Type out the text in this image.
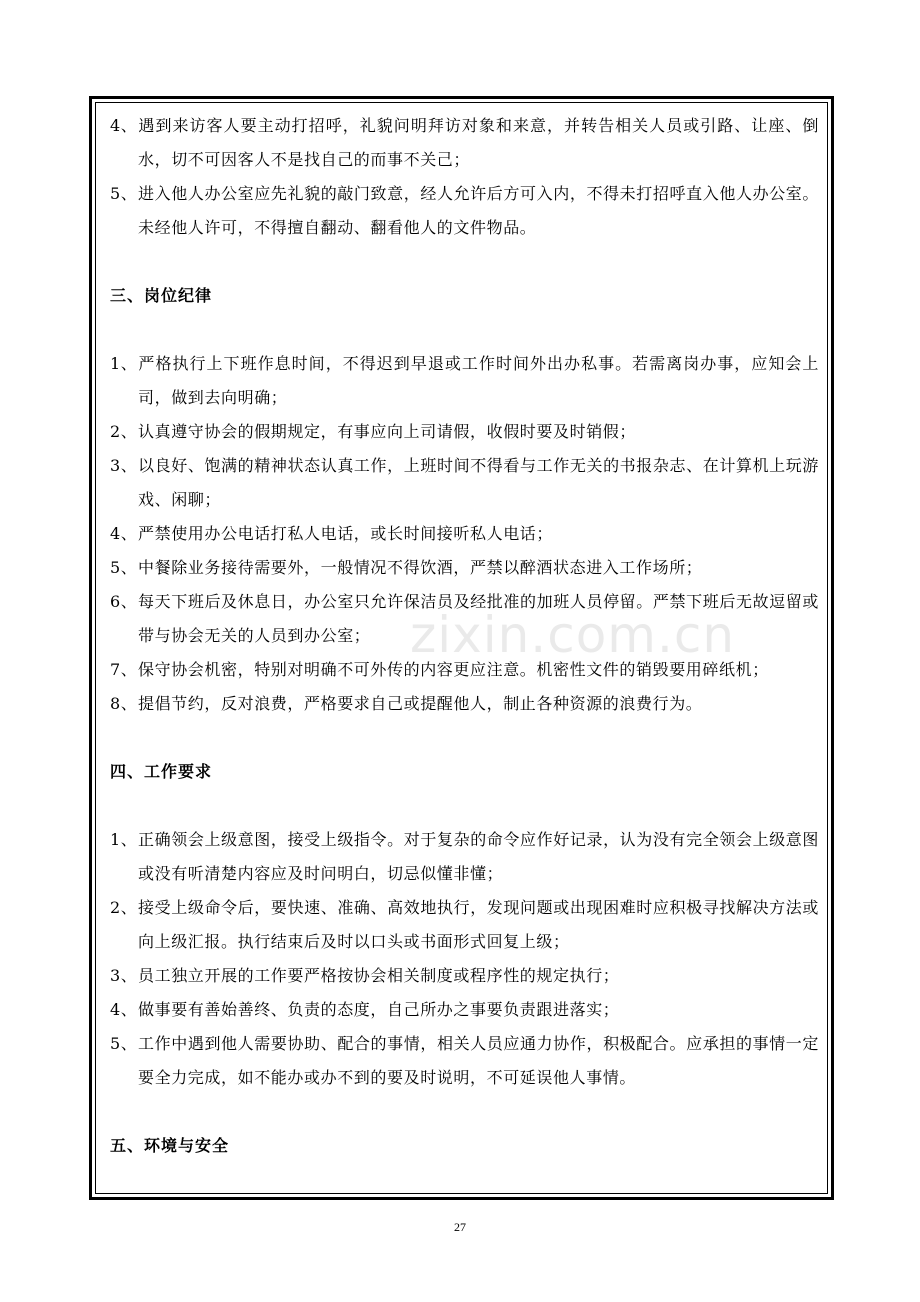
4、遇到来访客人要主动打招呼，礼貌问明拜访对象和来意，并转告相关人员或引路、让座、倒水，切不可因客人不是找自己的而事不关己；
5、进入他人办公室应先礼貌的敲门致意，经人允许后方可入内，不得未打招呼直入他人办公室。未经他人许可，不得擅自翻动、翻看他人的文件物品。
三、岗位纪律
1、严格执行上下班作息时间，不得迟到早退或工作时间外出办私事。若需离岗办事，应知会上司，做到去向明确；
2、认真遵守协会的假期规定，有事应向上司请假，收假时要及时销假；
3、以良好、饱满的精神状态认真工作，上班时间不得看与工作无关的书报杂志、在计算机上玩游戏、闲聊；
4、严禁使用办公电话打私人电话，或长时间接听私人电话；
5、中餐除业务接待需要外，一般情况不得饮酒，严禁以醉酒状态进入工作场所；
6、每天下班后及休息日，办公室只允许保洁员及经批准的加班人员停留。严禁下班后无故逗留或带与协会无关的人员到办公室；
7、保守协会机密，特别对明确不可外传的内容更应注意。机密性文件的销毁要用碎纸机；
8、提倡节约，反对浪费，严格要求自己或提醒他人，制止各种资源的浪费行为。
四、工作要求
1、正确领会上级意图，接受上级指令。对于复杂的命令应作好记录，认为没有完全领会上级意图或没有听清楚内容应及时问明白，切忌似懂非懂；
2、接受上级命令后，要快速、准确、高效地执行，发现问题或出现困难时应积极寻找解决方法或向上级汇报。执行结束后及时以口头或书面形式回复上级；
3、员工独立开展的工作要严格按协会相关制度或程序性的规定执行；
4、做事要有善始善终、负责的态度，自己所办之事要负责跟进落实；
5、工作中遇到他人需要协助、配合的事情，相关人员应通力协作，积极配合。应承担的事情一定要全力完成，如不能办或办不到的要及时说明，不可延误他人事情。
五、环境与安全
zixin.com.cn
27
